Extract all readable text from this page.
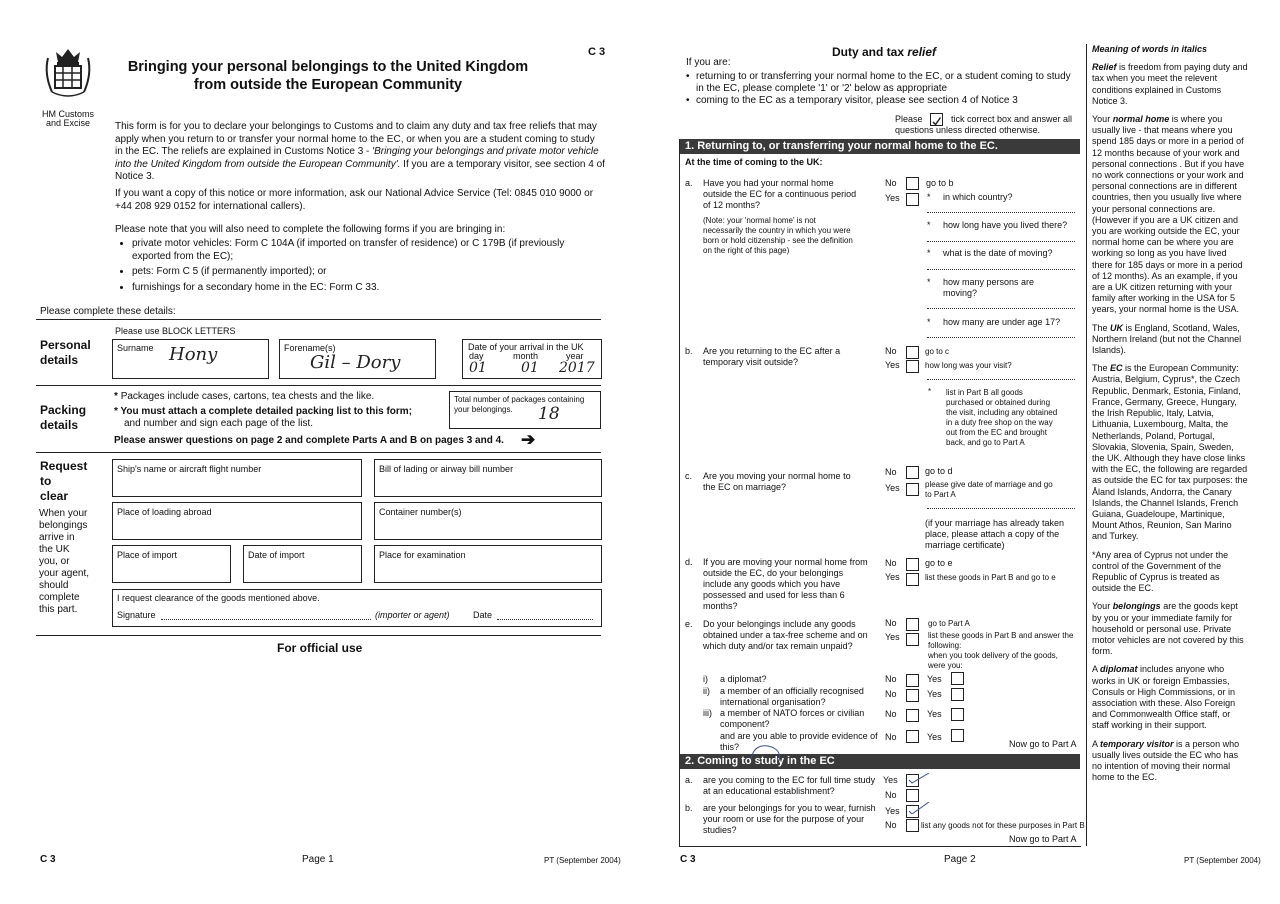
HM Customs
and Excise
C 3
Bringing your personal belongings to the United Kingdom
from outside the European Community
This form is for you to declare your belongings to Customs and to claim any duty and tax free reliefs that may apply when you return to or transfer your normal home to the EC, or when you are a student coming to study in the EC. The reliefs are explained in Customs Notice 3 - 'Bringing your belongings and private motor vehicle into the United Kingdom from outside the European Community'. If you are a temporary visitor, see section 4 of Notice 3.
If you want a copy of this notice or more information, ask our National Advice Service (Tel: 0845 010 9000 or +44 208 929 0152 for international callers).
Please note that you will also need to complete the following forms if you are bringing in:
• private motor vehicles: Form C 104A (if imported on transfer of residence) or C 179B (if previously exported from the EC);
• pets: Form C 5 (if permanently imported); or
• furnishings for a secondary home in the EC: Form C 33.
Please complete these details:
Personal
details
Please use BLOCK LETTERS
Surname Hony	Forename(s)
Gil – Dory
Date of your arrival in the UK
day	month	year
01 01 2017
Packing
details
* Packages include cases, cartons, tea chests and the like.
* You must attach a complete detailed packing list to this form;
and number and sign each page of the list.
Total number of packages containing your belongings.	18
Please answer questions on page 2 and complete Parts A and B on pages 3 and 4. ➔
Request
to
clear
When your belongings arrive in the UK you, or your agent, should complete this part.
Ship's name or aircraft flight number	Bill of lading or airway bill number
Place of loading abroad	Container number(s)
Place of import	Date of import	Place for examination
I request clearance of the goods mentioned above.
Signature	(importer or agent)	Date
For official use
C 3	Page 1	PT (September 2004)
Duty and tax relief
If you are:
• returning to or transferring your normal home to the EC, or a student coming to study in the EC, please complete '1' or '2' below as appropriate
• coming to the EC as a temporary visitor, please see section 4 of Notice 3
Please	tick correct box and answer all questions unless directed otherwise.
1. Returning to, or transferring your normal home to the EC.
At the time of coming to the UK:
a. Have you had your normal home outside the EC for a continuous period of 12 months?
(Note: your 'normal home' is not necessarily the country in which you were born or hold citizenship - see the definition on the right of this page)
No	go to b
Yes	* in which country?
* how long have you lived there?
* what is the date of moving?
* how many persons are moving?
* how many are under age 17?
b. Are you returning to the EC after a temporary visit outside?
No	go to c
Yes	how long was your visit?
* list in Part B all goods purchased or obtained during the visit, including any obtained in a duty free shop on the way out from the EC and brought back, and go to Part A
c. Are you moving your normal home to the EC on marriage?
No	go to d
Yes	please give date of marriage and go to Part A
(if your marriage has already taken place, please attach a copy of the marriage certificate)
d. If you are moving your normal home from outside the EC, do your belongings include any goods which you have possessed and used for less than 6 months?
No	go to e
Yes	list these goods in Part B and go to e
e. Do your belongings include any goods obtained under a tax-free scheme and on which duty and/or tax remain unpaid?
No	go to Part A
Yes	list these goods in Part B and answer the following:
when you took delivery of the goods, were you:
i) a diplomat?	No	Yes
ii) a member of an officially recognised international organisation?
No	Yes
iii) a member of NATO forces or civilian component?
No	Yes
and are you able to provide evidence of this?
No	Yes
Now go to Part A
2. Coming to study in the EC
a. are you coming to the EC for full time study at an educational establishment?
Yes
No
b. are your belongings for you to wear, furnish your room or use for the purpose of your studies?
Yes
No	list any goods not for these purposes in Part B
Now go to Part A

Meaning of words in italics

Relief is freedom from paying duty and tax when you meet the relevent conditions explained in Customs Notice 3.

Your normal home is where you usually live - that means where you spend 185 days or more in a period of 12 months because of your work and personal connections . But if you have no work connections or your work and personal connections are in different countries, then you usually live where your personal connections are. (However if you are a UK citizen and you are working outside the EC, your normal home can be where you are working so long as you have lived there for 185 days or more in a period of 12 months). As an example, if you are a UK citizen returning with your family after working in the USA for 5 years, your normal home is the USA.

The UK is England, Scotland, Wales, Northern Ireland (but not the Channel Islands).

The EC is the European Community: Austria, Belgium, Cyprus*, the Czech Republic, Denmark, Estonia, Finland, France, Germany, Greece, Hungary, the Irish Republic, Italy, Latvia, Lithuania, Luxembourg, Malta, the Netherlands, Poland, Portugal, Slovakia, Slovenia, Spain, Sweden, the UK. Although they have close links with the EC, the following are regarded as outside the EC for tax purposes: the Åland Islands, Andorra, the Canary Islands, the Channel Islands, French Guiana, Guadeloupe, Martinique, Mount Athos, Reunion, San Marino and Turkey.

*Any area of Cyprus not under the control of the Government of the Republic of Cyprus is treated as outside the EC.

Your belongings are the goods kept by you or your immediate family for household or personal use. Private motor vehicles are not covered by this form.

A diplomat includes anyone who works in UK or foreign Embassies, Consuls or High Commissions, or in association with these. Also Foreign and Commonwealth Office staff, or staff working in their support.

A temporary visitor is a person who usually lives outside the EC who has no intention of moving their normal home to the EC.

C 3	Page 2	PT (September 2004)
